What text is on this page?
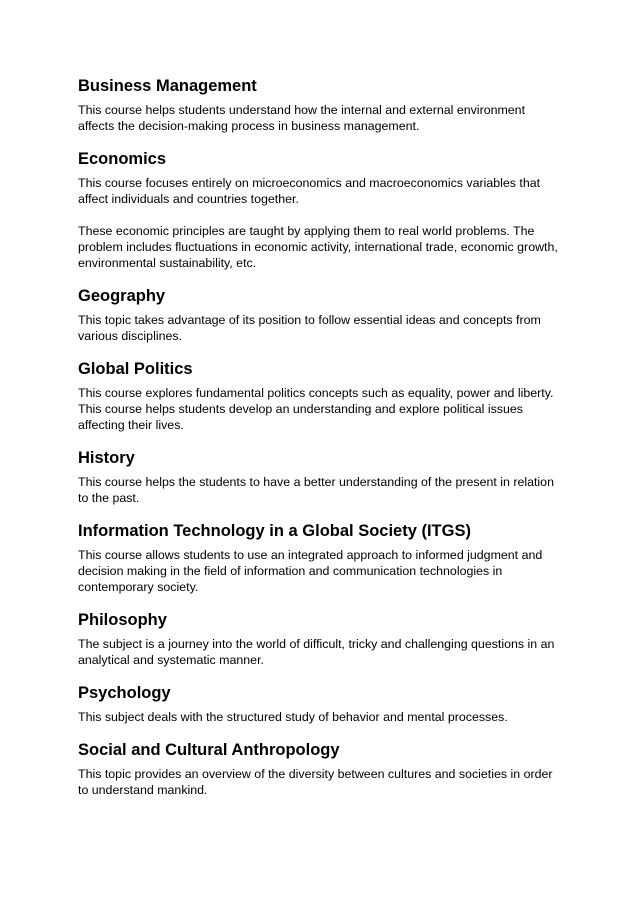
Business Management

This course helps students understand how the internal and external environment affects the decision-making process in business management.

Economics

This course focuses entirely on microeconomics and macroeconomics variables that affect individuals and countries together.

These economic principles are taught by applying them to real world problems. The problem includes fluctuations in economic activity, international trade, economic growth, environmental sustainability, etc.

Geography

This topic takes advantage of its position to follow essential ideas and concepts from various disciplines.

Global Politics

This course explores fundamental politics concepts such as equality, power and liberty. This course helps students develop an understanding and explore political issues affecting their lives.

History

This course helps the students to have a better understanding of the present in relation to the past.

Information Technology in a Global Society (ITGS)

This course allows students to use an integrated approach to informed judgment and decision making in the field of information and communication technologies in contemporary society.

Philosophy

The subject is a journey into the world of difficult, tricky and challenging questions in an analytical and systematic manner.

Psychology

This subject deals with the structured study of behavior and mental processes.

Social and Cultural Anthropology

This topic provides an overview of the diversity between cultures and societies in order to understand mankind.
